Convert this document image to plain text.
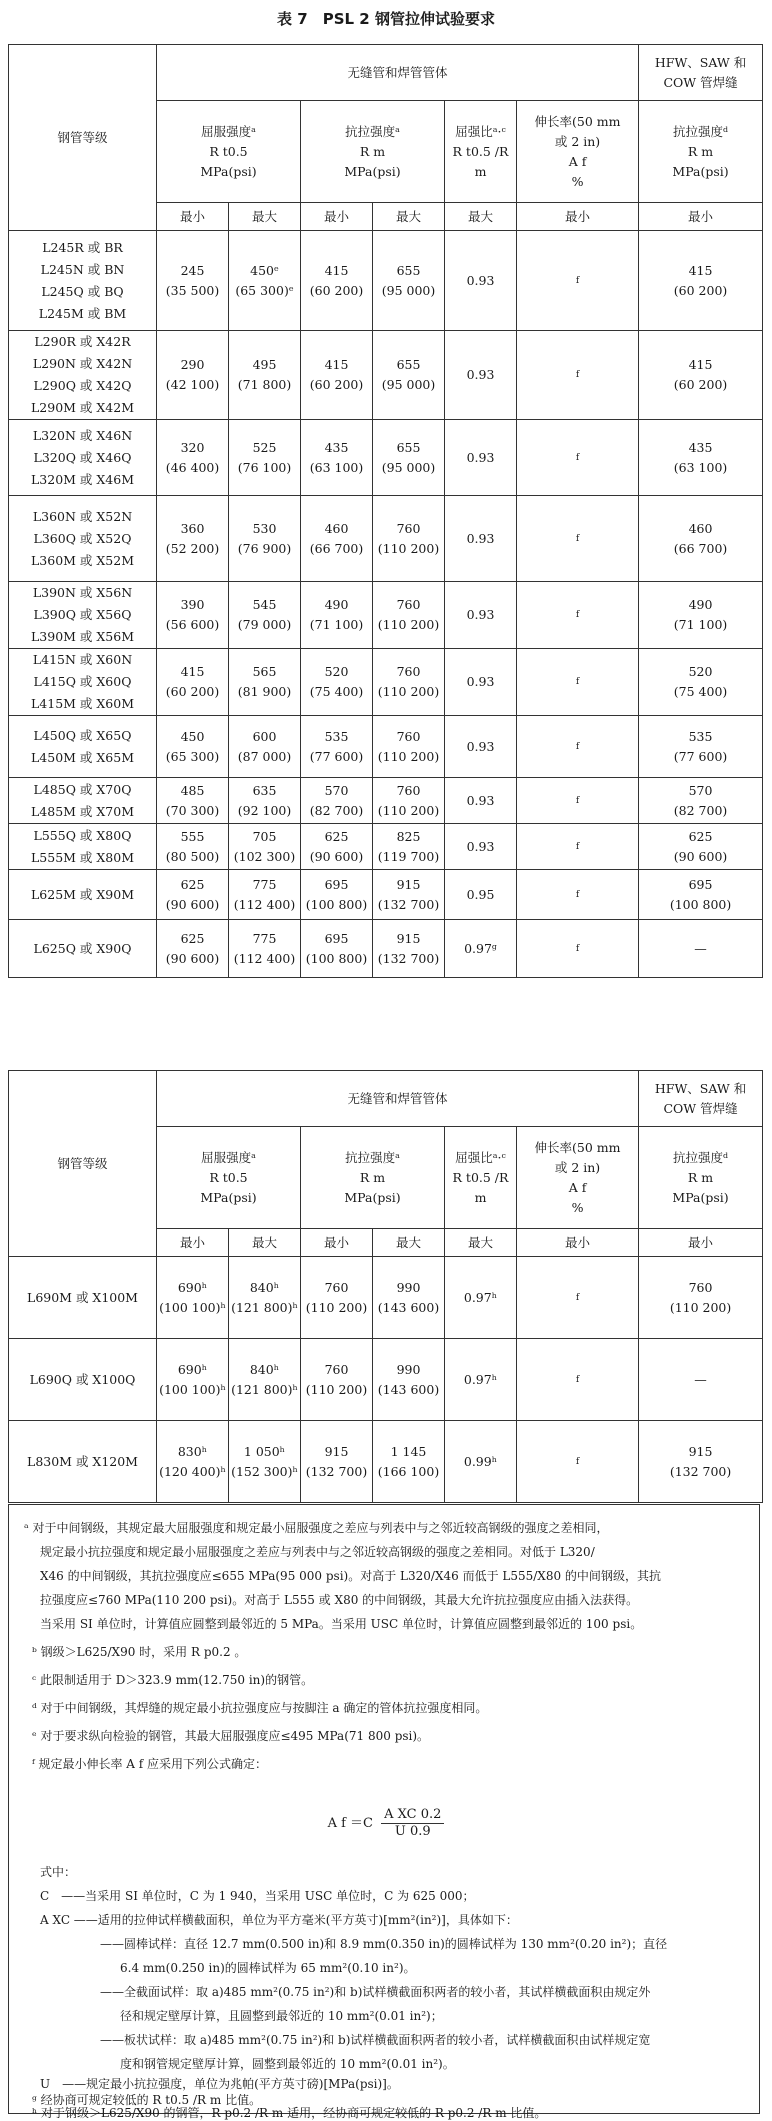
表 7　PSL 2 钢管拉伸试验要求
钢管等级	无缝管和焊管管体						HFW、SAW 和
COW 管焊缝
	屈服强度ᵃ
R t0.5
MPa(psi)		抗拉强度ᵃ
R m
MPa(psi)		屈强比ᵃ·ᶜ
R t0.5 /R m	伸长率(50 mm
或 2 in)
A f
%	抗拉强度ᵈ
R m
MPa(psi)
	最小	最大	最小	最大	最大	最小	最小
L245R 或 BR
L245N 或 BN
L245Q 或 BQ
L245M 或 BM	245
(35 500)	450ᵉ
(65 300)ᵉ	415
(60 200)	655
(95 000)	0.93	f	415
(60 200)
L290R 或 X42R
L290N 或 X42N
L290Q 或 X42Q
L290M 或 X42M	290
(42 100)	495
(71 800)	415
(60 200)	655
(95 000)	0.93	f	415
(60 200)
L320N 或 X46N
L320Q 或 X46Q
L320M 或 X46M	320
(46 400)	525
(76 100)	435
(63 100)	655
(95 000)	0.93	f	435
(63 100)
L360N 或 X52N
L360Q 或 X52Q
L360M 或 X52M	360
(52 200)	530
(76 900)	460
(66 700)	760
(110 200)	0.93	f	460
(66 700)
L390N 或 X56N
L390Q 或 X56Q
L390M 或 X56M	390
(56 600)	545
(79 000)	490
(71 100)	760
(110 200)	0.93	f	490
(71 100)
L415N 或 X60N
L415Q 或 X60Q
L415M 或 X60M	415
(60 200)	565
(81 900)	520
(75 400)	760
(110 200)	0.93	f	520
(75 400)
L450Q 或 X65Q
L450M 或 X65M	450
(65 300)	600
(87 000)	535
(77 600)	760
(110 200)	0.93	f	535
(77 600)
L485Q 或 X70Q
L485M 或 X70M	485
(70 300)	635
(92 100)	570
(82 700)	760
(110 200)	0.93	f	570
(82 700)
L555Q 或 X80Q
L555M 或 X80M	555
(80 500)	705
(102 300)	625
(90 600)	825
(119 700)	0.93	f	625
(90 600)
L625M 或 X90M	625
(90 600)	775
(112 400)	695
(100 800)	915
(132 700)	0.95	f	695
(100 800)
L625Q 或 X90Q	625
(90 600)	775
(112 400)	695
(100 800)	915
(132 700)	0.97ᵍ	f	—
钢管等级	无缝管和焊管管体						HFW、SAW 和
COW 管焊缝
	屈服强度ᵃ
R t0.5
MPa(psi)		抗拉强度ᵃ
R m
MPa(psi)		屈强比ᵃ·ᶜ
R t0.5 /R m	伸长率(50 mm
或 2 in)
A f
%	抗拉强度ᵈ
R m
MPa(psi)
	最小	最大	最小	最大	最大	最小	最小
L690M 或 X100M	690ʰ
(100 100)ʰ	840ʰ
(121 800)ʰ	760
(110 200)	990
(143 600)	0.97ʰ	f	760
(110 200)
L690Q 或 X100Q	690ʰ
(100 100)ʰ	840ʰ
(121 800)ʰ	760
(110 200)	990
(143 600)	0.97ʰ	f	—
L830M 或 X120M	830ʰ
(120 400)ʰ	1 050ʰ
(152 300)ʰ	915
(132 700)	1 145
(166 100)	0.99ʰ	f	915
(132 700)
ᵃ 对于中间钢级，其规定最大屈服强度和规定最小屈服强度之差应与列表中与之邻近较高钢级的强度之差相同，
规定最小抗拉强度和规定最小屈服强度之差应与列表中与之邻近较高钢级的强度之差相同。对低于 L320/
X46 的中间钢级，其抗拉强度应≤655 MPa(95 000 psi)。对高于 L320/X46 而低于 L555/X80 的中间钢级，其抗
拉强度应≤760 MPa(110 200 psi)。对高于 L555 或 X80 的中间钢级，其最大允许抗拉强度应由插入法获得。
当采用 SI 单位时，计算值应圆整到最邻近的 5 MPa。当采用 USC 单位时，计算值应圆整到最邻近的 100 psi。
ᵇ 钢级＞L625/X90 时，采用 R p0.2 。
ᶜ 此限制适用于 D＞323.9 mm(12.750 in)的钢管。
ᵈ 对于中间钢级，其焊缝的规定最小抗拉强度应与按脚注 a 确定的管体抗拉强度相同。
ᵉ 对于要求纵向检验的钢管，其最大屈服强度应≤495 MPa(71 800 psi)。
ᶠ 规定最小伸长率 A f 应采用下列公式确定：
A $f =C \frac{\text{A XC 0.2}}{U 0.9}$
式中：
C　——当采用 SI 单位时，C 为 1 940，当采用 USC 单位时，C 为 625 000；
A XC ——适用的拉伸试样横截面积，单位为平方毫米(平方英寸)[mm²(in²)]，具体如下：
——圆棒试样：直径 12.7 mm(0.500 in)和 8.9 mm(0.350 in)的圆棒试样为 130 mm²(0.20 in²)；直径
6.4 mm(0.250 in)的圆棒试样为 65 mm²(0.10 in²)。
——全截面试样：取 a)485 mm²(0.75 in²)和 b)试样横截面积两者的较小者，其试样横截面积由规定外
径和规定壁厚计算，且圆整到最邻近的 10 mm²(0.01 in²)；
——板状试样：取 a)485 mm²(0.75 in²)和 b)试样横截面积两者的较小者，试样横截面积由试样规定宽
度和钢管规定壁厚计算，圆整到最邻近的 10 mm²(0.01 in²)。
U　——规定最小抗拉强度，单位为兆帕(平方英寸磅)[MPa(psi)]。
ᵍ 经协商可规定较低的 R t0.5 /R m 比值。
ʰ 对于钢级＞L625/X90 的钢管，R p0.2 /R m 适用，经协商可规定较低的 R p0.2 /R m 比值。
